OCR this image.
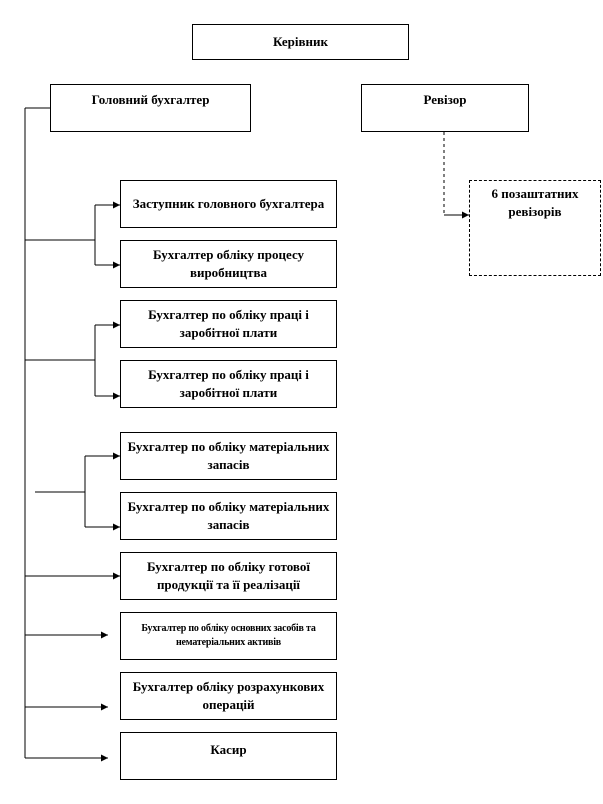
Керівник
Головний бухгалтер	Ревізор
6 позаштатних ревізорів
Заступник головного бухгалтера
Бухгалтер обліку процесу виробництва
Бухгалтер по обліку праці і заробітної плати
Бухгалтер по обліку праці і заробітної плати
Бухгалтер по обліку матеріальних запасів
Бухгалтер по обліку матеріальних запасів
Бухгалтер по обліку готової продукції та її реалізації
Бухгалтер по обліку основних засобів та нематеріальних активів
Бухгалтер обліку розрахункових операцій
Касир
